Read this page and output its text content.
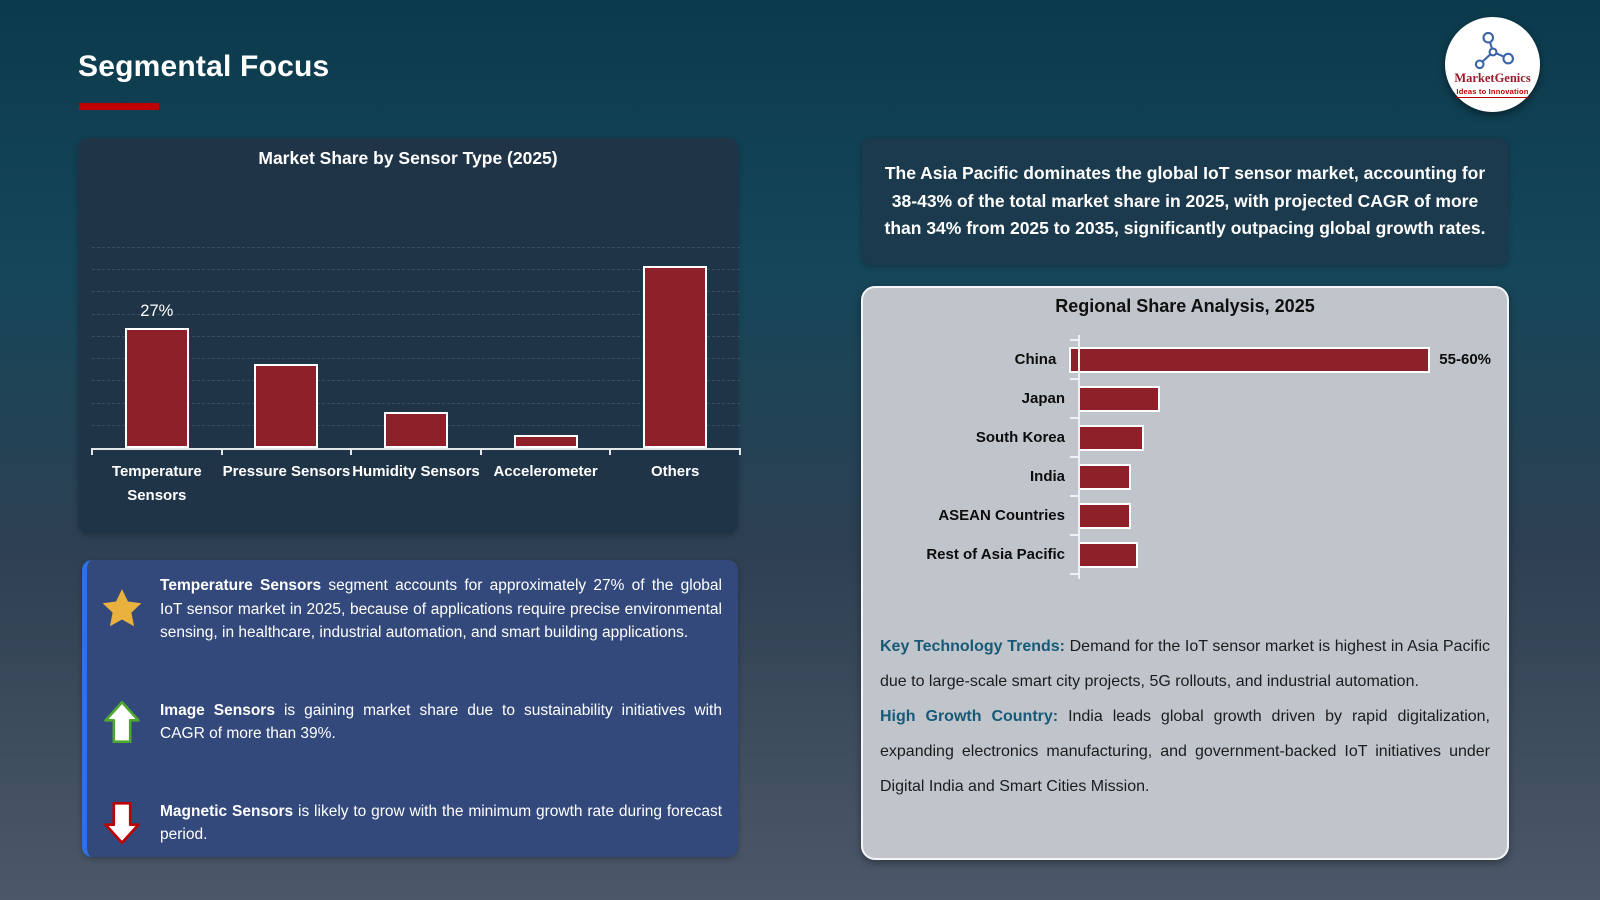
Segmental Focus	MarketGenics
Ideas to Innovation
Market Share by Sensor Type (2025)
27%
Temperature Sensors
Pressure Sensors Humidity Sensors Accelerometer	Others

Temperature Sensors segment accounts for approximately 27% of the global IoT sensor market in 2025, because of applications require precise environmental sensing, in healthcare, industrial automation, and smart building applications.

Image Sensors is gaining market share due to sustainability initiatives with CAGR of more than 39%.

Magnetic Sensors is likely to grow with the minimum growth rate during forecast period.

The Asia Pacific dominates the global IoT sensor market, accounting for 38-43% of the total market share in 2025, with projected CAGR of more than 34% from 2025 to 2035, significantly outpacing global growth rates.

Regional Share Analysis, 2025
China	55-60%
Japan
South Korea
India
ASEAN Countries
Rest of Asia Pacific

Key Technology Trends: Demand for the IoT sensor market is highest in Asia Pacific due to large-scale smart city projects, 5G rollouts, and industrial automation.

High Growth Country: India leads global growth driven by rapid digitalization, expanding electronics manufacturing, and government-backed IoT initiatives under Digital India and Smart Cities Mission.
